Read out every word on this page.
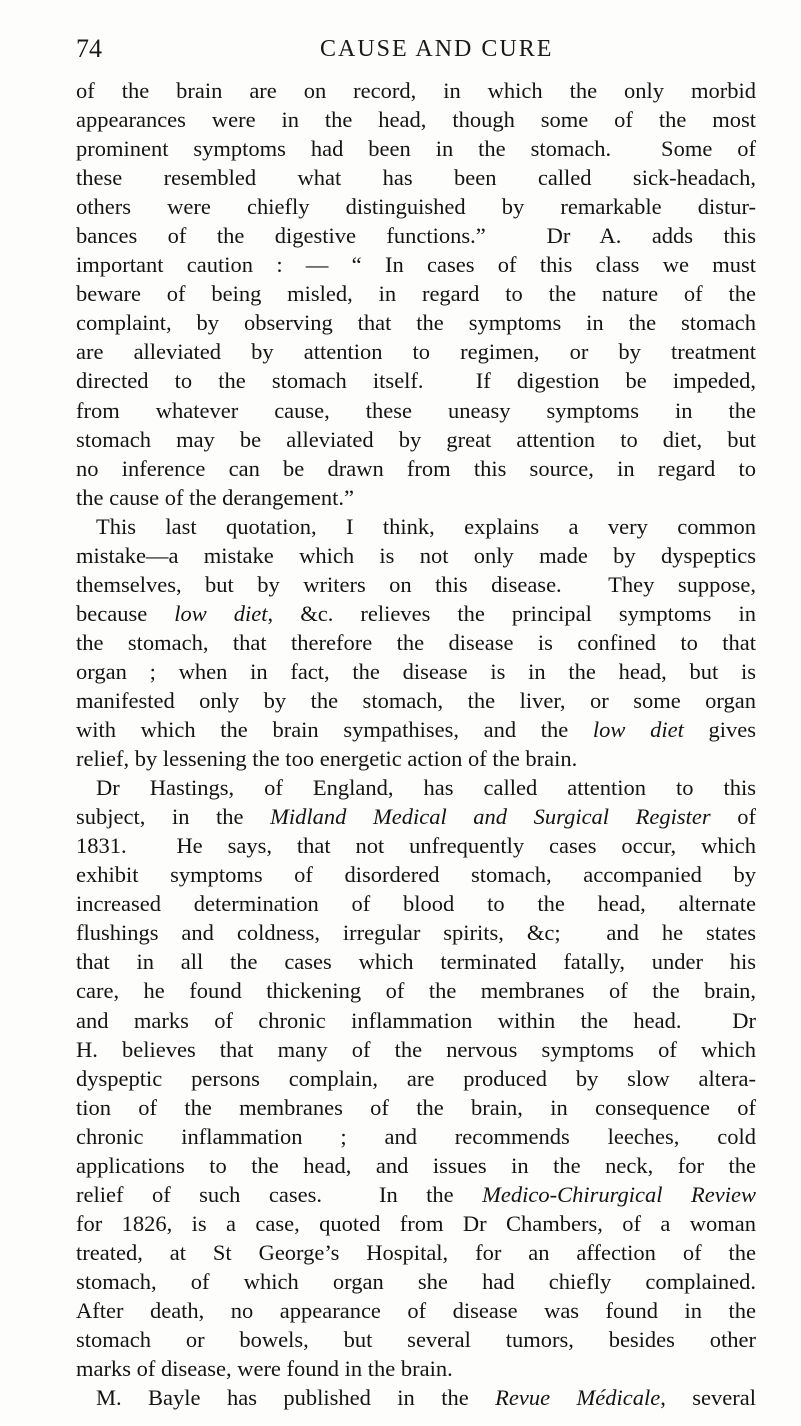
74	CAUSE AND CURE
of the brain are on record, in which the only morbid
appearances were in the head, though some of the most
prominent symptoms had been in the stomach.  Some of
these resembled what has been called sick-headach,
others were chiefly distinguished by remarkable distur-
bances of the digestive functions.”  Dr A. adds this
important caution : — “ In cases of this class we must
beware of being misled, in regard to the nature of the
complaint, by observing that the symptoms in the stomach
are alleviated by attention to regimen, or by treatment
directed to the stomach itself.  If digestion be impeded,
from whatever cause, these uneasy symptoms in the
stomach may be alleviated by great attention to diet, but
no inference can be drawn from this source, in regard to
the cause of the derangement.”
This last quotation, I think, explains a very common
mistake—a mistake which is not only made by dyspeptics
themselves, but by writers on this disease.  They suppose,
because low diet, &c. relieves the principal symptoms in
the stomach, that therefore the disease is confined to that
organ ; when in fact, the disease is in the head, but is
manifested only by the stomach, the liver, or some organ
with which the brain sympathises, and the low diet gives
relief, by lessening the too energetic action of the brain.
Dr Hastings, of England, has called attention to this
subject, in the Midland Medical and Surgical Register of
1831.  He says, that not unfrequently cases occur, which
exhibit symptoms of disordered stomach, accompanied by
increased determination of blood to the head, alternate
flushings and coldness, irregular spirits, &c;  and he states
that in all the cases which terminated fatally, under his
care, he found thickening of the membranes of the brain,
and marks of chronic inflammation within the head.  Dr
H. believes that many of the nervous symptoms of which
dyspeptic persons complain, are produced by slow altera-
tion of the membranes of the brain, in consequence of
chronic inflammation ; and recommends leeches, cold
applications to the head, and issues in the neck, for the
relief of such cases.  In the Medico-Chirurgical Review
for 1826, is a case, quoted from Dr Chambers, of a woman
treated, at St George’s Hospital, for an affection of the
stomach, of which organ she had chiefly complained.
After death, no appearance of disease was found in the
stomach or bowels, but several tumors, besides other
marks of disease, were found in the brain.
M. Bayle has published in the Revue Médicale, several
